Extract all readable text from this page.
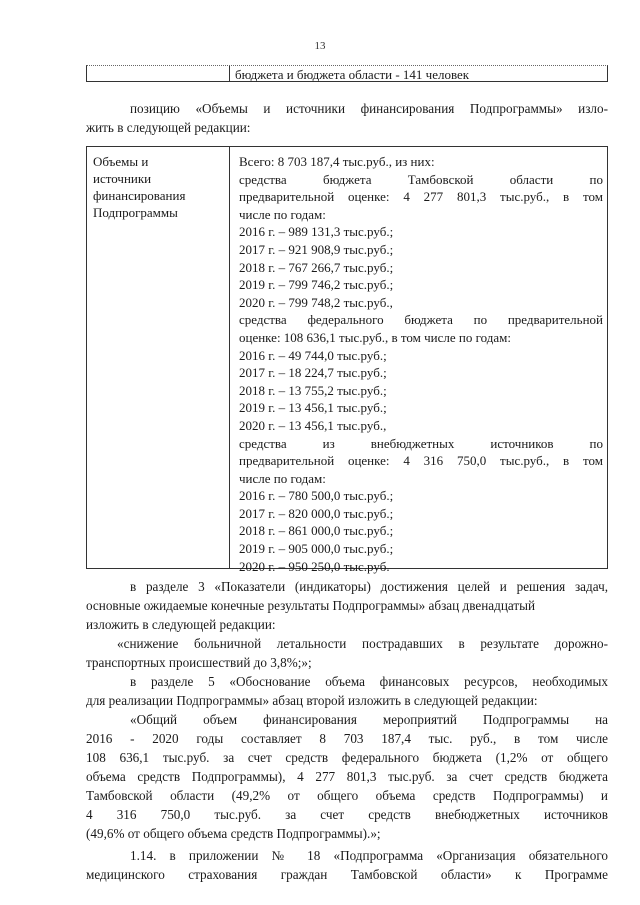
13
бюджета и бюджета области - 141 человек
позицию «Объемы и источники финансирования Подпрограммы» изло-
жить в следующей редакции:
Объемы и
источники
финансирования
Подпрограммы
Всего: 8 703 187,4 тыс.руб., из них:
средства бюджета Тамбовской области по
предварительной оценке: 4 277 801,3 тыс.руб., в том
числе по годам:
2016 г. – 989 131,3 тыс.руб.;
2017 г. – 921 908,9 тыс.руб.;
2018 г. – 767 266,7 тыс.руб.;
2019 г. – 799 746,2 тыс.руб.;
2020 г. – 799 748,2 тыс.руб.,
средства федерального бюджета по предварительной
оценке: 108 636,1 тыс.руб., в том числе по годам:
2016 г. – 49 744,0 тыс.руб.;
2017 г. – 18 224,7 тыс.руб.;
2018 г. – 13 755,2 тыс.руб.;
2019 г. – 13 456,1 тыс.руб.;
2020 г. – 13 456,1 тыс.руб.,
средства из внебюджетных источников по
предварительной оценке: 4 316 750,0 тыс.руб., в том
числе по годам:
2016 г. – 780 500,0 тыс.руб.;
2017 г. – 820 000,0 тыс.руб.;
2018 г. – 861 000,0 тыс.руб.;
2019 г. – 905 000,0 тыс.руб.;
2020 г. – 950 250,0 тыс.руб.
в разделе 3 «Показатели (индикаторы) достижения целей и решения задач,
основные ожидаемые конечные результаты Подпрограммы» абзац двенадцатый
изложить в следующей редакции:
«снижение больничной летальности пострадавших в результате дорожно-
транспортных происшествий до 3,8%;»;
в разделе 5 «Обоснование объема финансовых ресурсов, необходимых
для реализации Подпрограммы» абзац второй изложить в следующей редакции:
«Общий объем финансирования мероприятий Подпрограммы на
2016 - 2020 годы составляет 8 703 187,4 тыс. руб., в том числе
108 636,1 тыс.руб. за счет средств федерального бюджета (1,2% от общего
объема средств Подпрограммы), 4 277 801,3 тыс.руб. за счет средств бюджета
Тамбовской области (49,2% от общего объема средств Подпрограммы) и
4 316 750,0 тыс.руб. за счет средств внебюджетных источников
(49,6% от общего объема средств Подпрограммы).»;
1.14. в приложении № 18 «Подпрограмма «Организация обязательного
медицинского страхования граждан Тамбовской области» к Программе
